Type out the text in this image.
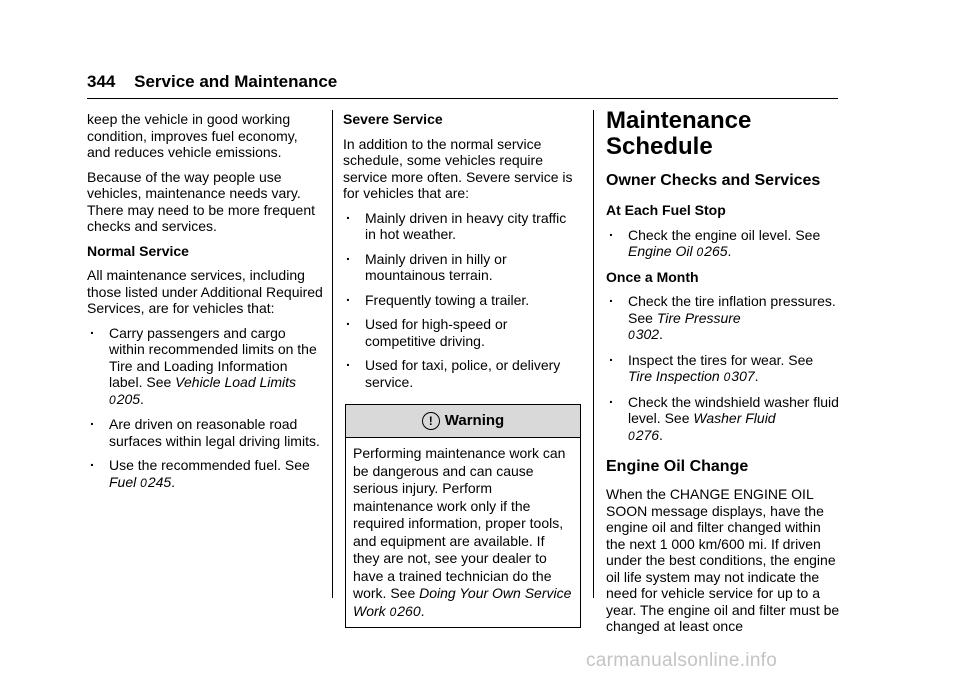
344 Service and Maintenance

keep the vehicle in good working condition, improves fuel economy, and reduces vehicle emissions.

Because of the way people use vehicles, maintenance needs vary. There may need to be more frequent checks and services.

Normal Service

All maintenance services, including those listed under Additional Required Services, are for vehicles that:

. Carry passengers and cargo within recommended limits on the Tire and Loading Information label. See Vehicle Load Limits
0205.
. Are driven on reasonable road surfaces within legal driving limits.
. Use the recommended fuel. See
Fuel 0245.
Severe Service

In addition to the normal service schedule, some vehicles require service more often. Severe service is for vehicles that are:

. Mainly driven in heavy city traffic in hot weather.
. Mainly driven in hilly or mountainous terrain.
. Frequently towing a trailer.
. Used for high-speed or competitive driving.
. Used for taxi, police, or delivery service.
! Warning
Performing maintenance work can be dangerous and can cause serious injury. Perform maintenance work only if the required information, proper tools, and equipment are available. If they are not, see your dealer to have a trained technician do the work. See Doing Your Own Service Work 0260.
Maintenance
Schedule
Owner Checks and Services
At Each Fuel Stop
. Check the engine oil level. See
Engine Oil 0265.
Once a Month
. Check the tire inflation pressures. See Tire Pressure
0302.
. Inspect the tires for wear. See
Tire Inspection 0307.
. Check the windshield washer fluid level. See Washer Fluid
0276.
Engine Oil Change

When the CHANGE ENGINE OIL SOON message displays, have the engine oil and filter changed within the next 1 000 km/600 mi. If driven under the best conditions, the engine oil life system may not indicate the need for vehicle service for up to a year. The engine oil and filter must be changed at least once

carmanualsonline.info
